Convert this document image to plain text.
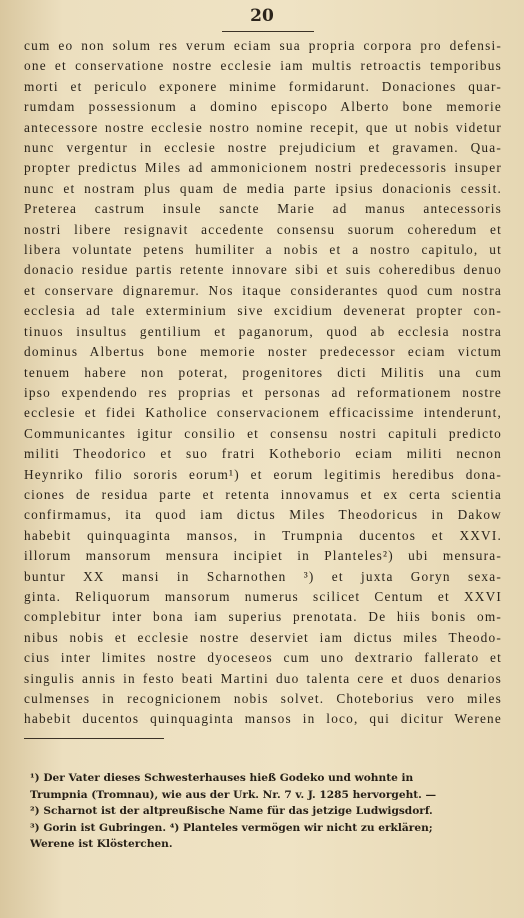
20
cum eo non solum res verum eciam sua propria corpora pro defensi-
one et conservatione nostre ecclesie iam multis retroactis temporibus
morti et periculo exponere minime formidarunt. Donaciones quar-
rumdam possessionum a domino episcopo Alberto bone memorie
antecessore nostre ecclesie nostro nomine recepit, que ut nobis videtur
nunc vergentur in ecclesie nostre prejudicium et gravamen. Qua-
propter predictus Miles ad ammonicionem nostri predecessoris insuper
nunc et nostram plus quam de media parte ipsius donacionis cessit.
Preterea castrum insule sancte Marie ad manus antecessoris
nostri libere resignavit accedente consensu suorum coheredum et
libera voluntate petens humiliter a nobis et a nostro capitulo, ut
donacio residue partis retente innovare sibi et suis coheredibus denuo
et conservare dignaremur. Nos itaque considerantes quod cum nostra
ecclesia ad tale exterminium sive excidium devenerat propter con-
tinuos insultus gentilium et paganorum, quod ab ecclesia nostra
dominus Albertus bone memorie noster predecessor eciam victum
tenuem habere non poterat, progenitores dicti Militis una cum
ipso expendendo res proprias et personas ad reformationem nostre
ecclesie et fidei Katholice conservacionem efficacissime intenderunt,
Communicantes igitur consilio et consensu nostri capituli predicto
militi Theodorico et suo fratri Kotheborio eciam militi necnon
Heynriko filio sororis eorum¹) et eorum legitimis heredibus dona-
ciones de residua parte et retenta innovamus et ex certa scientia
confirmamus, ita quod iam dictus Miles Theodoricus in Dakow
habebit quinquaginta mansos, in Trumpnia ducentos et XXVI.
illorum mansorum mensura incipiet in Planteles²) ubi mensura-
buntur XX mansi in Scharnothen ³) et juxta Goryn sexa-
ginta. Reliquorum mansorum numerus scilicet Centum et XXVI
complebitur inter bona iam superius prenotata. De hiis bonis om-
nibus nobis et ecclesie nostre deserviet iam dictus miles Theodo-
cius inter limites nostre dyoceseos cum uno dextrario fallerato et
singulis annis in festo beati Martini duo talenta cere et duos denarios
culmenses in recognicionem nobis solvet. Choteborius vero miles
habebit ducentos quinquaginta mansos in loco, qui dicitur Werene
¹) Der Vater dieses Schwesterhauses hieß Godeko und wohnte in
Trumpnia (Tromnau), wie aus der Urk. Nr. 7 v. J. 1285 hervorgeht. —
²) Scharnot ist der altpreußische Name für das jetzige Ludwigsdorf.
³) Gorin ist Gubringen. ⁴) Planteles vermögen wir nicht zu erklären;
Werene ist Klösterchen.
